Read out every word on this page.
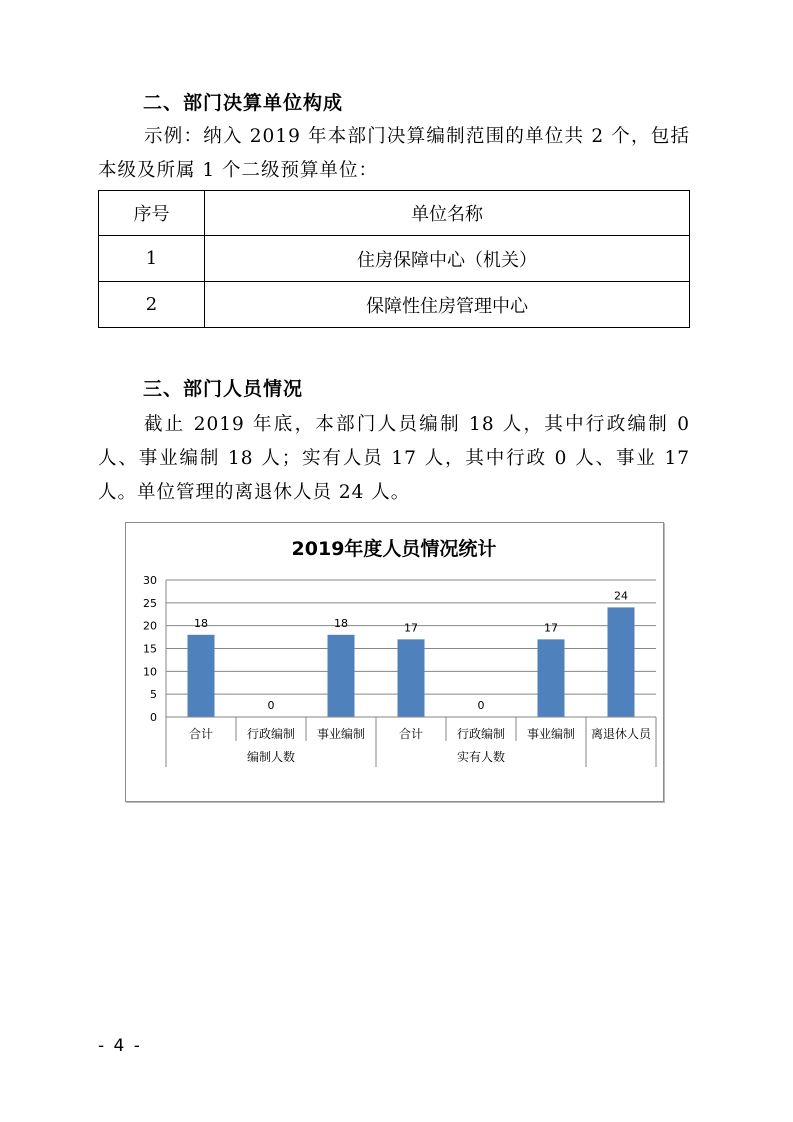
二、部门决算单位构成
示例：纳入 2019 年本部门决算编制范围的单位共 2 个，包括本级及所属 1 个二级预算单位：
序号	单位名称
1	住房保障中心（机关）
2	保障性住房管理中心
三、部门人员情况
截止 2019 年底，本部门人员编制 18 人，其中行政编制 0 人、事业编制 18 人；实有人员 17 人，其中行政 0 人、事业 17 人。单位管理的离退休人员 24 人。
2019年度人员情况统计
0
5
10
15
20
25
30
18
0
18	17
0
17
24
合计	行政编制 事业编制	合计	行政编制 事业编制 离退休人员
编制人数	实有人数
- 4 -
